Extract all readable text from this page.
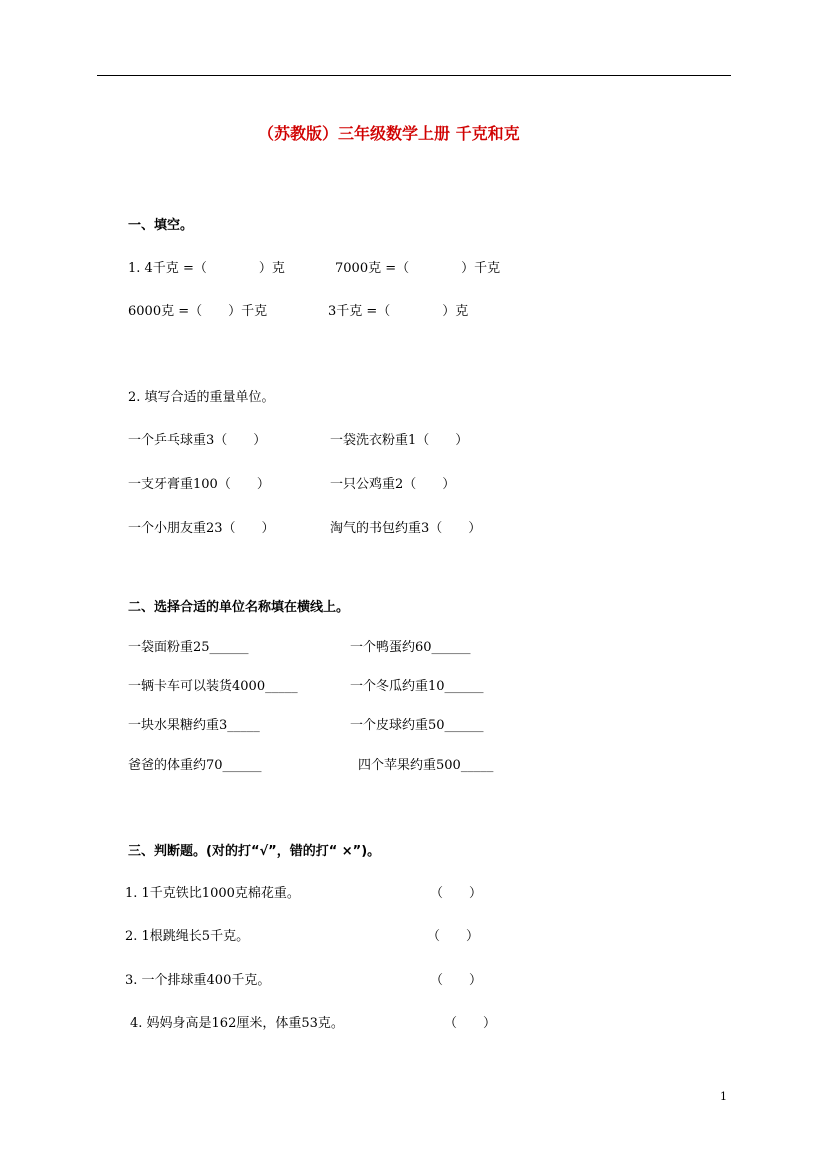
（苏教版）三年级数学上册 千克和克
一、填空。
1. 4千克 =（　　　　）克	7000克 =（　　　　）千克
6000克 =（　　）千克	3千克 =（　　　　）克
2. 填写合适的重量单位。
一个乒乓球重3（　　）	一袋洗衣粉重1（　　）
一支牙膏重100（　　）	一只公鸡重2（　　）
一个小朋友重23（　　）	淘气的书包约重3（　　）
二、选择合适的单位名称填在横线上。
一袋面粉重25______	一个鸭蛋约60______
一辆卡车可以装货4000_____	一个冬瓜约重10______
一块水果糖约重3_____	一个皮球约重50______
爸爸的体重约70______	四个苹果约重500_____
三、判断题。(对的打“√”，错的打“ ×”)。
1. 1千克铁比1000克棉花重。	（　　）
2. 1根跳绳长5千克。	（　　）
3. 一个排球重400千克。	（　　）
4. 妈妈身高是162厘米，体重53克。	（　　）
1
